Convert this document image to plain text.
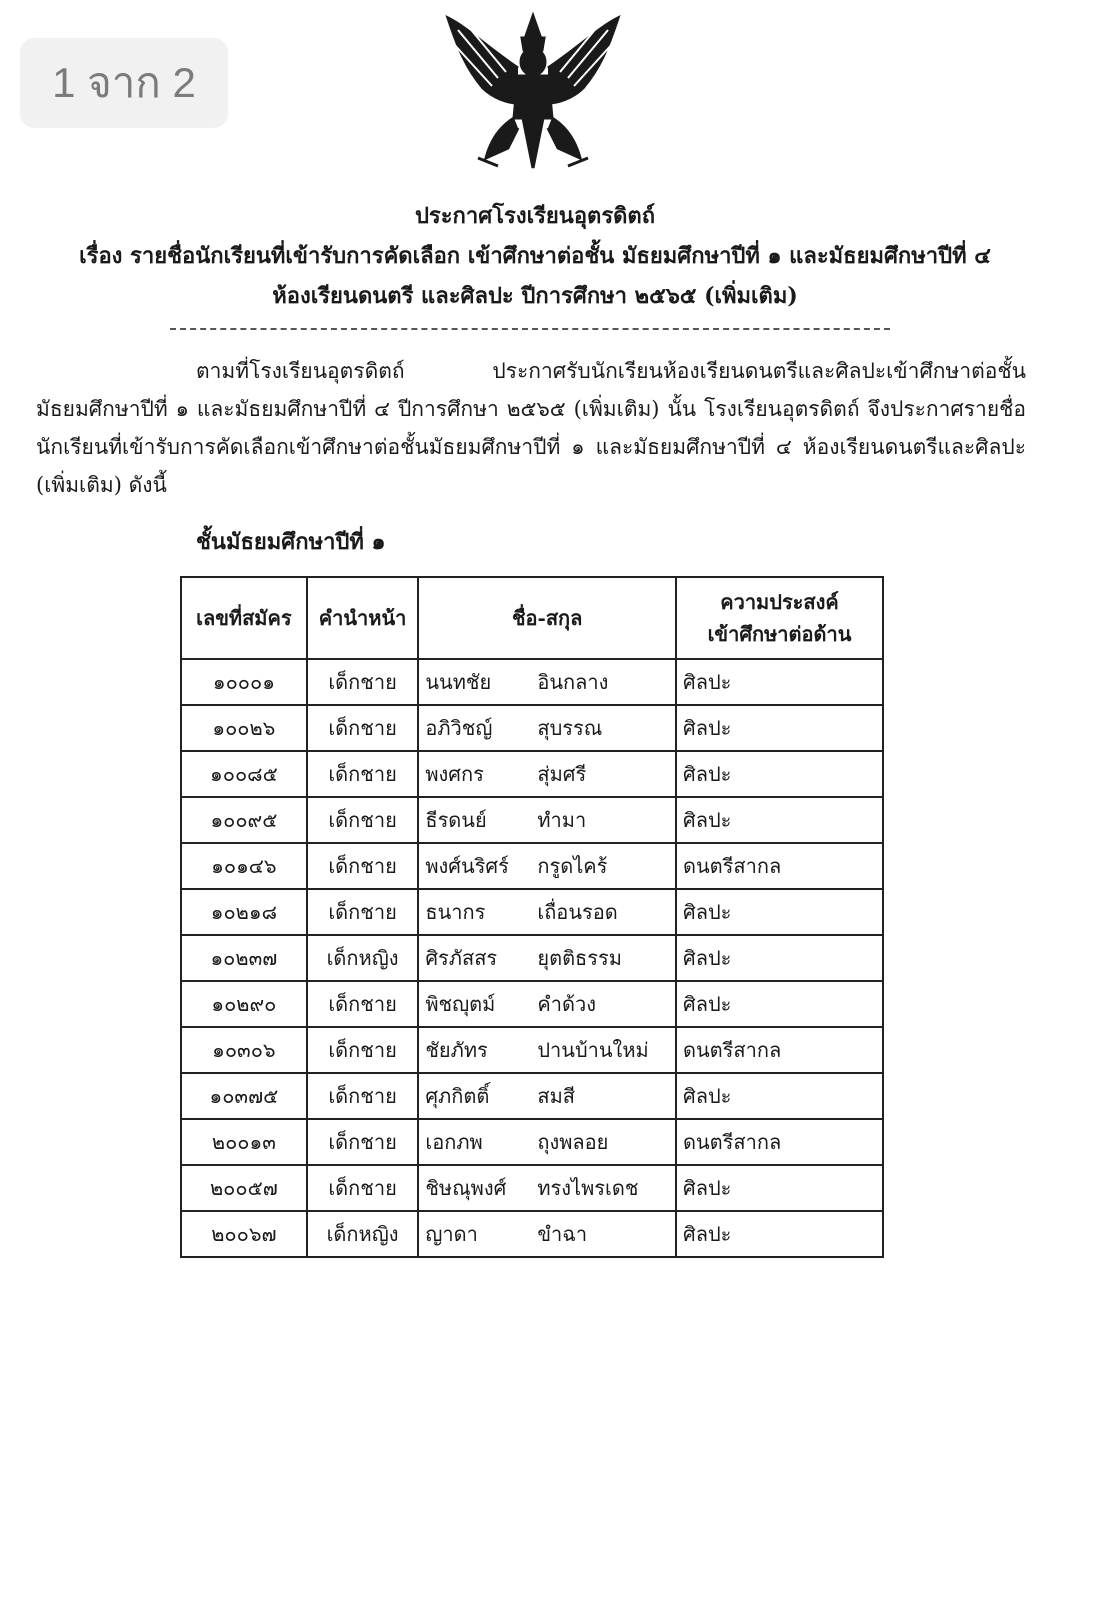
1 จาก 2
ประกาศโรงเรียนอุตรดิตถ์
เรื่อง รายชื่อนักเรียนที่เข้ารับการคัดเลือก เข้าศึกษาต่อชั้น มัธยมศึกษาปีที่ ๑ และมัธยมศึกษาปีที่ ๔
ห้องเรียนดนตรี และศิลปะ ปีการศึกษา ๒๕๖๕ (เพิ่มเติม)
ตามที่โรงเรียนอุตรดิตถ์ ประกาศรับนักเรียนห้องเรียนดนตรีและศิลปะเข้าศึกษาต่อชั้นมัธยมศึกษาปีที่ ๑ และมัธยมศึกษาปีที่ ๔ ปีการศึกษา ๒๕๖๕ (เพิ่มเติม) นั้น โรงเรียนอุตรดิตถ์ จึงประกาศรายชื่อนักเรียนที่เข้ารับการคัดเลือกเข้าศึกษาต่อชั้นมัธยมศึกษาปีที่ ๑ และมัธยมศึกษาปีที่ ๔ ห้องเรียนดนตรีและศิลปะ (เพิ่มเติม) ดังนี้
ชั้นมัธยมศึกษาปีที่ ๑
เลขที่สมัคร	คำนำหน้า	ชื่อ-สกุล	ความประสงค์
เข้าศึกษาต่อด้าน

๑๐๐๐๑	เด็กชาย	นนทชัย อินกลาง	ศิลปะ
๑๐๐๒๖	เด็กชาย	อภิวิชญ์ สุบรรณ	ศิลปะ
๑๐๐๘๕	เด็กชาย	พงศกร สุ่มศรี	ศิลปะ
๑๐๐๙๕	เด็กชาย	ธีรดนย์ ทำมา	ศิลปะ
๑๐๑๔๖	เด็กชาย	พงศ์นริศร์ กรูดไคร้	ดนตรีสากล
๑๐๒๑๘	เด็กชาย	ธนากร เถื่อนรอด	ศิลปะ
๑๐๒๓๗	เด็กหญิง	ศิรภัสสร ยุตติธรรม	ศิลปะ
๑๐๒๙๐	เด็กชาย	พิชญุตม์ คำด้วง	ศิลปะ
๑๐๓๐๖	เด็กชาย	ชัยภัทร ปานบ้านใหม่	ดนตรีสากล
๑๐๓๗๕	เด็กชาย	ศุภกิตติ์ สมสี	ศิลปะ
๒๐๐๑๓	เด็กชาย	เอกภพ ถุงพลอย	ดนตรีสากล
๒๐๐๕๗	เด็กชาย	ชิษณุพงศ์ ทรงไพรเดช	ศิลปะ
๒๐๐๖๗	เด็กหญิง	ญาดา ขำฉา	ศิลปะ
